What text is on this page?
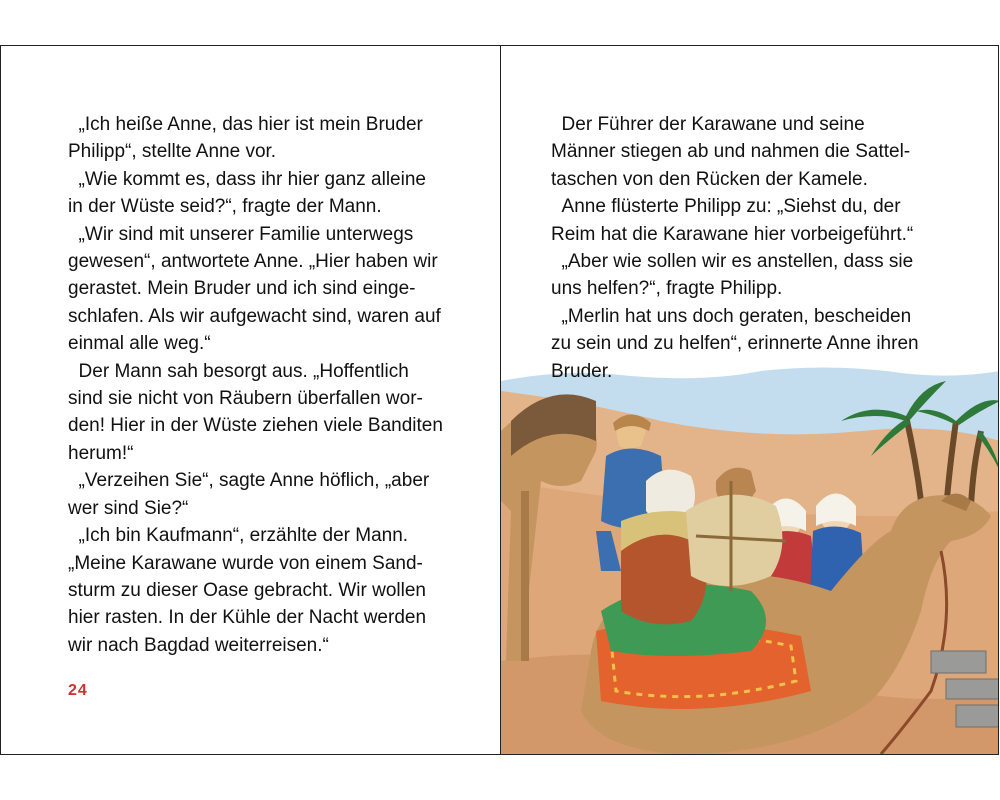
„Ich heiße Anne, das hier ist mein Bruder
Philipp“, stellte Anne vor.
„Wie kommt es, dass ihr hier ganz alleine
in der Wüste seid?“, fragte der Mann.
„Wir sind mit unserer Familie unterwegs
gewesen“, antwortete Anne. „Hier haben wir
gerastet. Mein Bruder und ich sind einge-
schlafen. Als wir aufgewacht sind, waren auf
einmal alle weg.“
Der Mann sah besorgt aus. „Hoffentlich
sind sie nicht von Räubern überfallen wor-
den! Hier in der Wüste ziehen viele Banditen
herum!“
„Verzeihen Sie“, sagte Anne höflich, „aber
wer sind Sie?“
„Ich bin Kaufmann“, erzählte der Mann.
„Meine Karawane wurde von einem Sand-
sturm zu dieser Oase gebracht. Wir wollen
hier rasten. In der Kühle der Nacht werden
wir nach Bagdad weiterreisen.“
24
Der Führer der Karawane und seine
Männer stiegen ab und nahmen die Sattel-
taschen von den Rücken der Kamele.
Anne flüsterte Philipp zu: „Siehst du, der
Reim hat die Karawane hier vorbeigeführt.“
„Aber wie sollen wir es anstellen, dass sie
uns helfen?“, fragte Philipp.
„Merlin hat uns doch geraten, bescheiden
zu sein und zu helfen“, erinnerte Anne ihren
Bruder.
